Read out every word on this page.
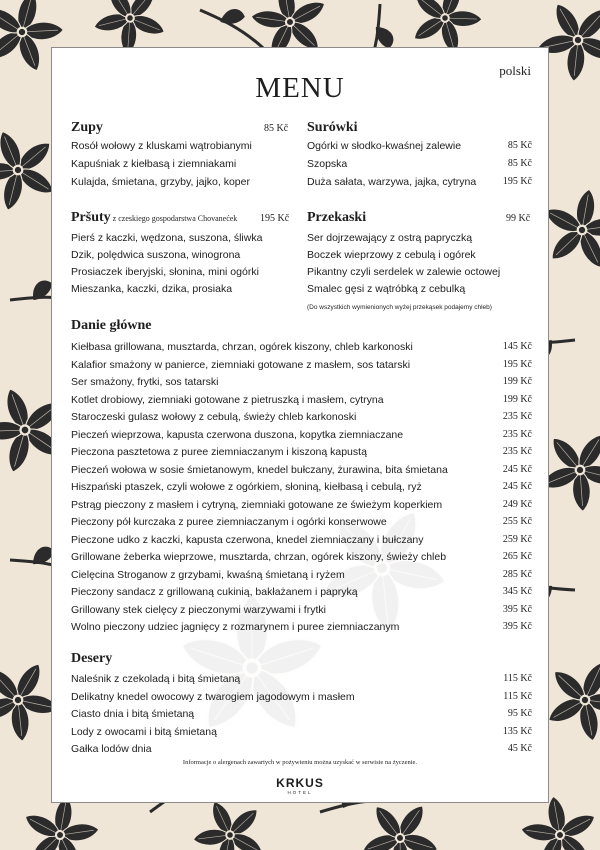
polski
MENU
Zupy	85 Kč
Rosół wołowy z kluskami wątrobianymi
Kapuśniak z kiełbasą i ziemniakami
Kulajda, śmietana, grzyby, jajko, koper
Surówki
Ogórki w słodko-kwaśnej zalewie	85 Kč
Szopska	85 Kč
Duża sałata, warzywa, jajka, cytryna	195 Kč
Pršuty z czeskiego gospodarstwa Chovanećek 195 Kč
Pierś z kaczki, wędzona, suszona, śliwka
Dzik, polędwica suszona, winogrona
Prosiaczek iberyjski, słonina, mini ogórki
Mieszanka, kaczki, dzika, prosiaka
Przekaski	99 Kč
Ser dojrzewający z ostrą papryczką
Boczek wieprzowy z cebulą i ogórek
Pikantny czyli serdelek w zalewie octowej
Smalec gęsi z wątróbką z cebulką
(Do wszystkich wymienionych wyżej przekąsek podajemy chleb)
Danie główne
Kiełbasa grillowana, musztarda, chrzan, ogórek kiszony, chleb karkonoski	145 Kč
Kalafior smażony w panierce, ziemniaki gotowane z masłem, sos tatarski	195 Kč
Ser smażony, frytki, sos tatarski	199 Kč
Kotlet drobiowy, ziemniaki gotowane z pietruszką i masłem, cytryna	199 Kč
Staroczeski gulasz wołowy z cebulą, świeży chleb karkonoski	235 Kč
Pieczeń wieprzowa, kapusta czerwona duszona, kopytka ziemniaczane	235 Kč
Pieczona pasztetowa z puree ziemniaczanym i kiszoną kapustą	235 Kč
Pieczeń wołowa w sosie śmietanowym, knedel bułczany, żurawina, bita śmietana	245 Kč
Hiszpański ptaszek, czyli wołowe z ogórkiem, słoniną, kiełbasą i cebulą, ryż	245 Kč
Pstrąg pieczony z masłem i cytryną, ziemniaki gotowane ze świeżym koperkiem	249 Kč
Pieczony pół kurczaka z puree ziemniaczanym i ogórki konserwowe	255 Kč
Pieczone udko z kaczki, kapusta czerwona, knedel ziemniaczany i bułczany	259 Kč
Grillowane żeberka wieprzowe, musztarda, chrzan, ogórek kiszony, świeży chleb	265 Kč
Cielęcina Stroganow z grzybami, kwaśną śmietaną i ryżem	285 Kč
Pieczony sandacz z grillowaną cukinią, bakłażanem i papryką	345 Kč
Grillowany stek cielęcy z pieczonymi warzywami i frytki	395 Kč
Wolno pieczony udziec jagnięcy z rozmarynem i puree ziemniaczanym	395 Kč
Desery
Naleśnik z czekoladą i bitą śmietaną	115 Kč
Delikatny knedel owocowy z twarogiem jagodowym i masłem	115 Kč
Ciasto dnia i bitą śmietaną	95 Kč
Lody z owocami i bitą śmietaną	135 Kč
Gałka lodów dnia	45 Kč
Informacje o alergenach zawartych w pożywieniu można uzyskać w serwisie na życzenie.
KRKUS
HOTEL
